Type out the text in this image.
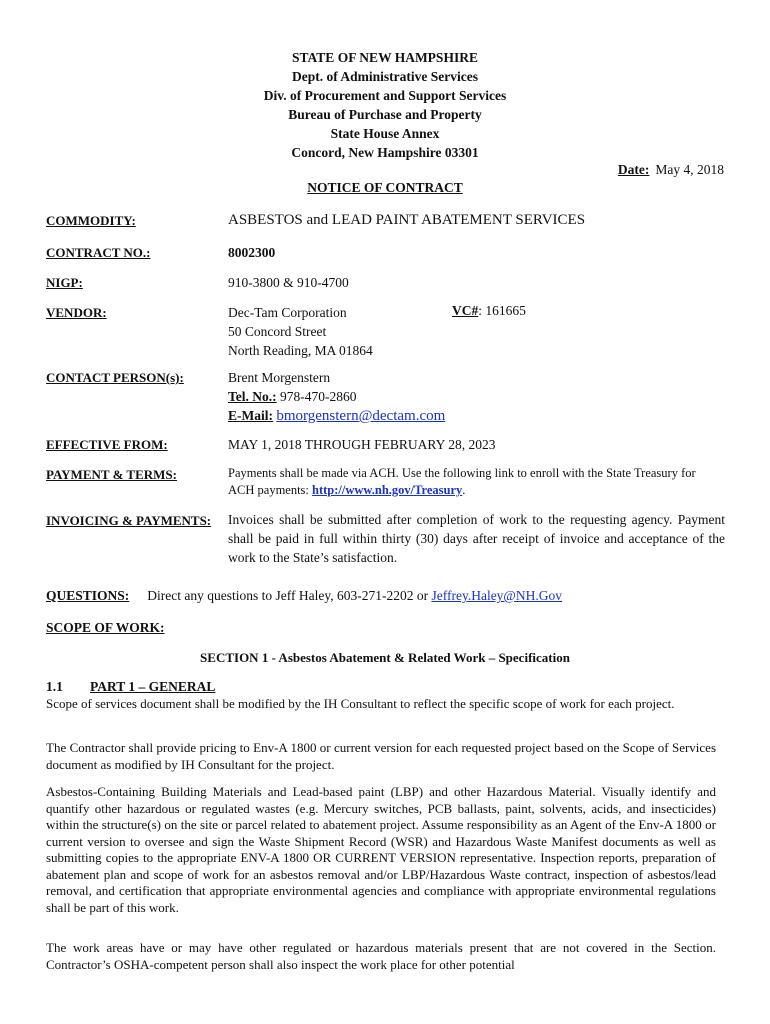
STATE OF NEW HAMPSHIRE
Dept. of Administrative Services
Div. of Procurement and Support Services
Bureau of Purchase and Property
State House Annex
Concord, New Hampshire 03301
Date: May 4, 2018
NOTICE OF CONTRACT
COMMODITY:	ASBESTOS and LEAD PAINT ABATEMENT SERVICES
CONTRACT NO.:	8002300
NIGP:	910-3800 & 910-4700
VENDOR:	Dec-Tam Corporation
50 Concord Street
North Reading, MA 01864
VC#: 161665
CONTACT PERSON(s):	Brent Morgenstern
Tel. No.: 978-470-2860
E-Mail: bmorgenstern@dectam.com
EFFECTIVE FROM:	MAY 1, 2018 THROUGH FEBRUARY 28, 2023
PAYMENT & TERMS:	Payments shall be made via ACH. Use the following link to enroll with the State Treasury for ACH payments: http://www.nh.gov/Treasury.
INVOICING & PAYMENTS: Invoices shall be submitted after completion of work to the requesting agency. Payment shall be paid in full within thirty (30) days after receipt of invoice and acceptance of the work to the State’s satisfaction.
QUESTIONS: Direct any questions to Jeff Haley, 603-271-2202 or Jeffrey.Haley@NH.Gov
SCOPE OF WORK:
SECTION 1 - Asbestos Abatement & Related Work – Specification
1.1 PART 1 – GENERAL
Scope of services document shall be modified by the IH Consultant to reflect the specific scope of work for each project.
The Contractor shall provide pricing to Env-A 1800 or current version for each requested project based on the Scope of Services document as modified by IH Consultant for the project.
Asbestos-Containing Building Materials and Lead-based paint (LBP) and other Hazardous Material. Visually identify and quantify other hazardous or regulated wastes (e.g. Mercury switches, PCB ballasts, paint, solvents, acids, and insecticides) within the structure(s) on the site or parcel related to abatement project. Assume responsibility as an Agent of the Env-A 1800 or current version to oversee and sign the Waste Shipment Record (WSR) and Hazardous Waste Manifest documents as well as submitting copies to the appropriate ENV-A 1800 OR CURRENT VERSION representative. Inspection reports, preparation of abatement plan and scope of work for an asbestos removal and/or LBP/Hazardous Waste contract, inspection of asbestos/lead removal, and certification that appropriate environmental agencies and compliance with appropriate environmental regulations shall be part of this work.
The work areas have or may have other regulated or hazardous materials present that are not covered in the Section. Contractor’s OSHA-competent person shall also inspect the work place for other potential
